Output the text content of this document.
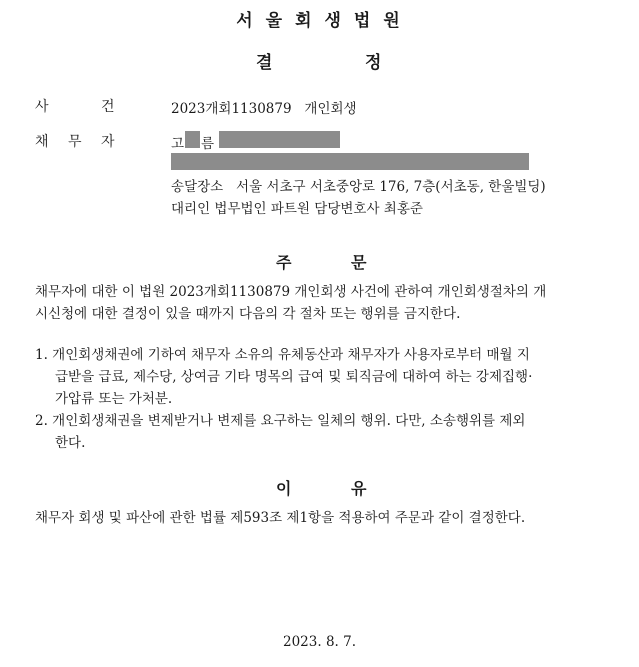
서울회생법원
결	정
사	건	2023개회1130879   개인회생
채 무 자	고 름
송달장소   서울 서초구 서초중앙로 176, 7층(서초동, 한울빌딩)
대리인 법무법인 파트원 담당변호사 최홍준
주	문
채무자에 대한 이 법원 2023개회1130879 개인회생 사건에 관하여 개인회생절차의 개
시신청에 대한 결정이 있을 때까지 다음의 각 절차 또는 행위를 금지한다.
1. 개인회생채권에 기하여 채무자 소유의 유체동산과 채무자가 사용자로부터 매월 지
급받을 급료, 제수당, 상여금 기타 명목의 급여 및 퇴직금에 대하여 하는 강제집행·
가압류 또는 가처분.
2. 개인회생채권을 변제받거나 변제를 요구하는 일체의 행위. 다만, 소송행위를 제외
한다.
이	유
채무자 회생 및 파산에 관한 법률 제593조 제1항을 적용하여 주문과 같이 결정한다.
2023. 8. 7.
